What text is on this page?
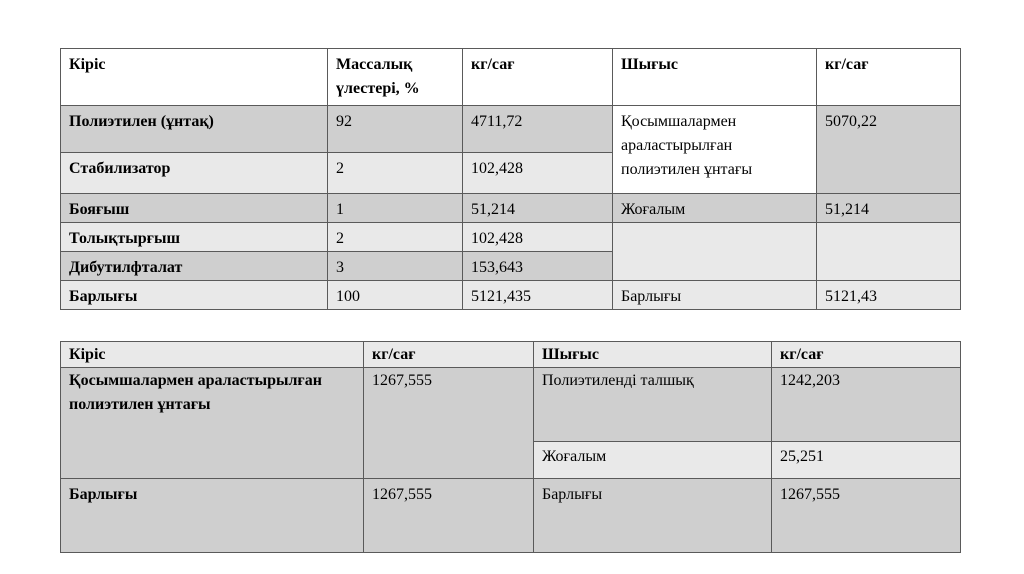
Кіріс	Массалық үлестері, %	кг/сағ	Шығыс	кг/сағ
Полиэтилен (ұнтақ)	92	4711,72	Қосымшалармен араластырылған полиэтилен ұнтағы	5070,22
Стабилизатор	2	102,428		
Бояғыш	1	51,214	Жоғалым	51,214
Толықтырғыш	2	102,428		
Дибутилфталат	3	153,643		
Барлығы	100	5121,435	Барлығы	5121,43
Кіріс	кг/сағ	Шығыс	кг/сағ
Қосымшалармен араластырылған полиэтилен ұнтағы	1267,555	Полиэтиленді талшық	1242,203
		Жоғалым	25,251
Барлығы	1267,555	Барлығы	1267,555
